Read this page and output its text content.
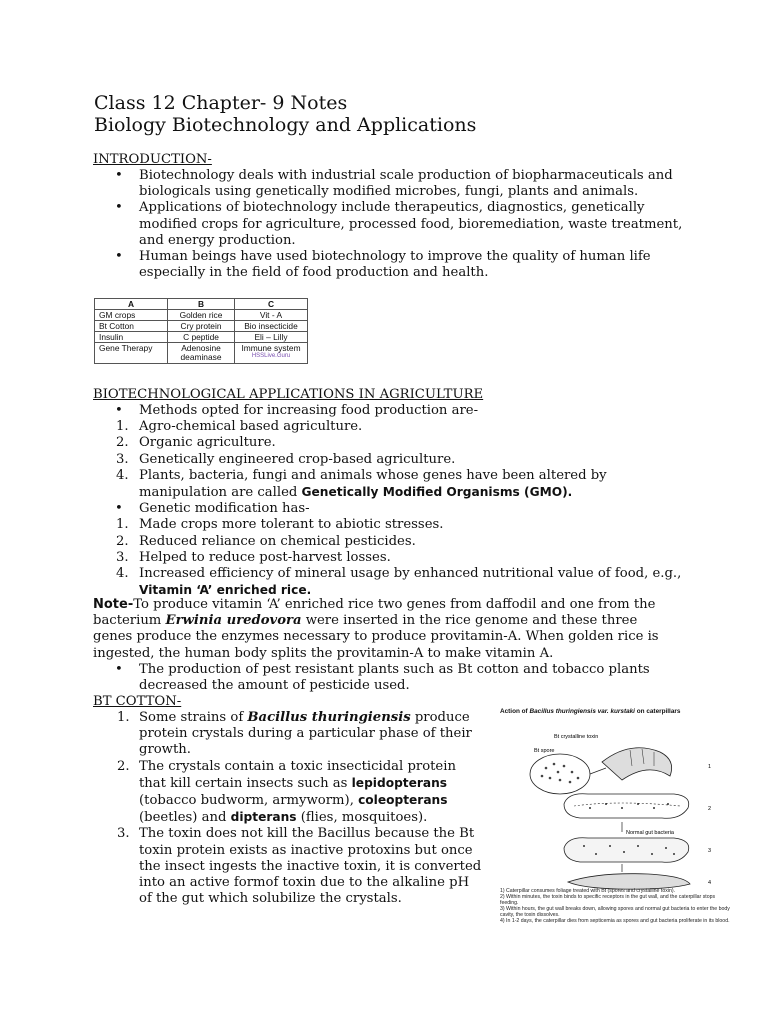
Class 12 Chapter- 9 Notes
Biology Biotechnology and Applications
INTRODUCTION-
• Biotechnology deals with industrial scale production of biopharmaceuticals and biologicals using genetically modified microbes, fungi, plants and animals.
• Applications of biotechnology include therapeutics, diagnostics, genetically modified crops for agriculture, processed food, bioremediation, waste treatment, and energy production.
• Human beings have used biotechnology to improve the quality of human life especially in the field of food production and health.
A	B	C
GM crops	Golden rice	Vit - A
Bt Cotton	Cry protein	Bio insecticide
Insulin	C peptide	Eli – Lilly
Gene Therapy	Adenosine deaminase	Immune system
HSSLive.Guru
BIOTECHNOLOGICAL APPLICATIONS IN AGRICULTURE
• Methods opted for increasing food production are-
1. Agro-chemical based agriculture.
2. Organic agriculture.
3. Genetically engineered crop-based agriculture.
4. Plants, bacteria, fungi and animals whose genes have been altered by manipulation are called Genetically Modified Organisms (GMO).
• Genetic modification has-
1. Made crops more tolerant to abiotic stresses.
2. Reduced reliance on chemical pesticides.
3. Helped to reduce post-harvest losses.
4. Increased efficiency of mineral usage by enhanced nutritional value of food, e.g., Vitamin ‘A’ enriched rice.
Note-To produce vitamin ‘A’ enriched rice two genes from daffodil and one from the bacterium Erwinia uredovora were inserted in the rice genome and these three genes produce the enzymes necessary to produce provitamin-A. When golden rice is ingested, the human body splits the provitamin-A to make vitamin A.
• The production of pest resistant plants such as Bt cotton and tobacco plants decreased the amount of pesticide used.
BT COTTON-
1. Some strains of Bacillus thuringiensis produce protein crystals during a particular phase of their growth.
2. The crystals contain a toxic insecticidal protein that kill certain insects such as lepidopterans (tobacco budworm, armyworm), coleopterans (beetles) and dipterans (flies, mosquitoes).
3. The toxin does not kill the Bacillus because the Bt toxin protein exists as inactive protoxins but once the insect ingests the inactive toxin, it is converted into an active formof toxin due to the alkaline pH of the gut which solubilize the crystals.
Action of Bacillus thuringiensis var. kurstaki on caterpillars
Bt crystalline toxin
Bt spore
Normal gut bacteria
1
2
3
4
1) Caterpillar consumes foliage treated with Bt (spores and crystalline toxin).
2) Within minutes, the toxin binds to specific receptors in the gut wall, and the caterpillar stops feeding.
3) Within hours, the gut wall breaks down, allowing spores and normal gut bacteria to enter the body cavity, the toxin dissolves.
4) In 1-2 days, the caterpillar dies from septicemia as spores and gut bacteria proliferate in its blood.
